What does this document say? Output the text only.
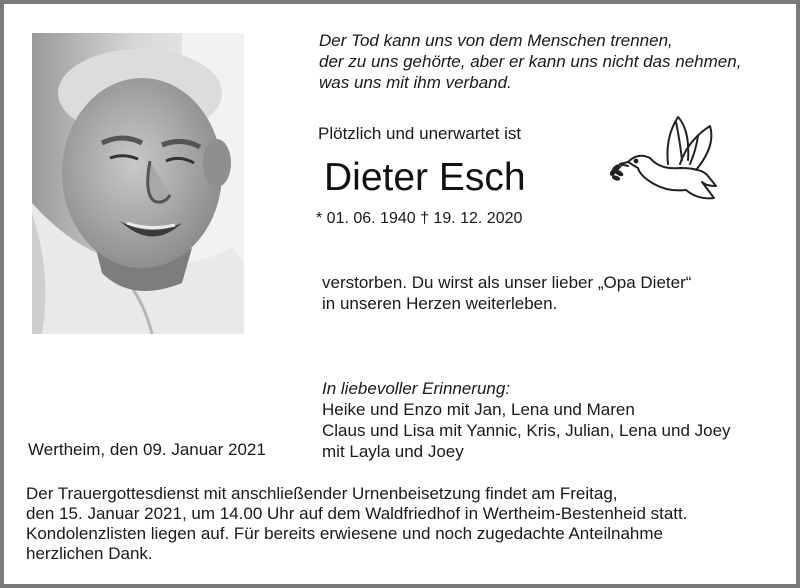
Der Tod kann uns von dem Menschen trennen,
der zu uns gehörte, aber er kann uns nicht das nehmen,
was uns mit ihm verband.
Plötzlich und unerwartet ist
Dieter Esch
* 01. 06. 1940 † 19. 12. 2020
verstorben. Du wirst als unser lieber „Opa Dieter“
in unseren Herzen weiterleben.
In liebevoller Erinnerung:
Heike und Enzo mit Jan, Lena und Maren
Claus und Lisa mit Yannic, Kris, Julian, Lena und Joey
mit Layla und Joey
Wertheim, den 09. Januar 2021
Der Trauergottesdienst mit anschließender Urnenbeisetzung findet am Freitag,
den 15. Januar 2021, um 14.00 Uhr auf dem Waldfriedhof in Wertheim-Bestenheid statt.
Kondolenzlisten liegen auf. Für bereits erwiesene und noch zugedachte Anteilnahme
herzlichen Dank.
